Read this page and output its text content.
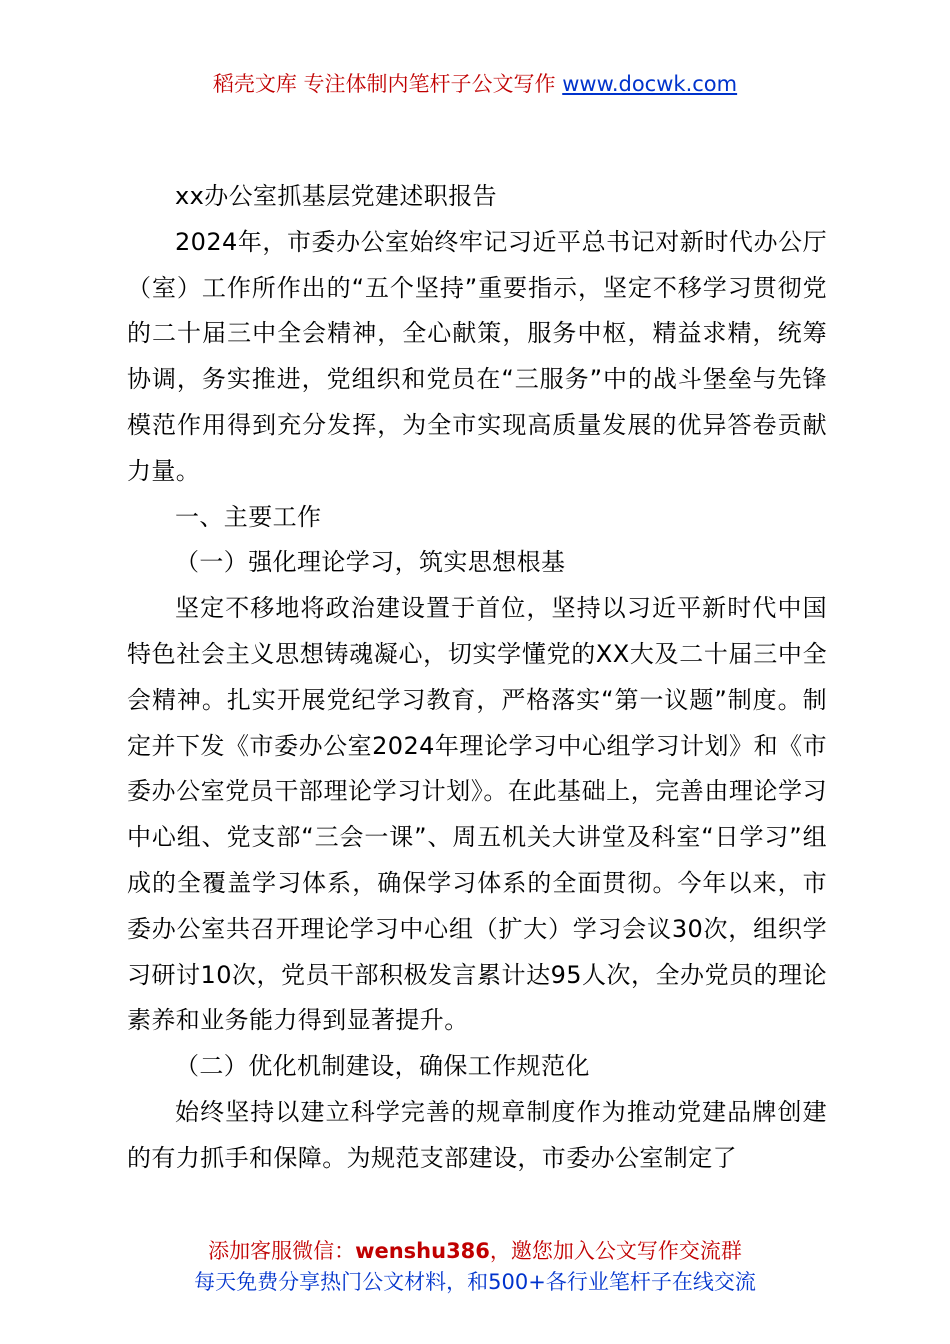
稻壳文库 专注体制内笔杆子公文写作 www.docwk.com

xx办公室抓基层党建述职报告

2024年，市委办公室始终牢记习近平总书记对新时代办公厅（室）工作所作出的“五个坚持”重要指示，坚定不移学习贯彻党的二十届三中全会精神，全心献策，服务中枢，精益求精，统筹协调，务实推进，党组织和党员在“三服务”中的战斗堡垒与先锋模范作用得到充分发挥，为全市实现高质量发展的优异答卷贡献力量。

一、主要工作

（一）强化理论学习，筑实思想根基

坚定不移地将政治建设置于首位，坚持以习近平新时代中国特色社会主义思想铸魂凝心，切实学懂党的XX大及二十届三中全会精神。扎实开展党纪学习教育，严格落实“第一议题”制度。制定并下发《市委办公室2024年理论学习中心组学习计划》和《市委办公室党员干部理论学习计划》。在此基础上，完善由理论学习中心组、党支部“三会一课”、周五机关大讲堂及科室“日学习”组成的全覆盖学习体系，确保学习体系的全面贯彻。今年以来，市委办公室共召开理论学习中心组（扩大）学习会议30次，组织学习研讨10次，党员干部积极发言累计达95人次，全办党员的理论素养和业务能力得到显著提升。

（二）优化机制建设，确保工作规范化

始终坚持以建立科学完善的规章制度作为推动党建品牌创建的有力抓手和保障。为规范支部建设，市委办公室制定了

添加客服微信：wenshu386，邀您加入公文写作交流群
每天免费分享热门公文材料，和500+各行业笔杆子在线交流
